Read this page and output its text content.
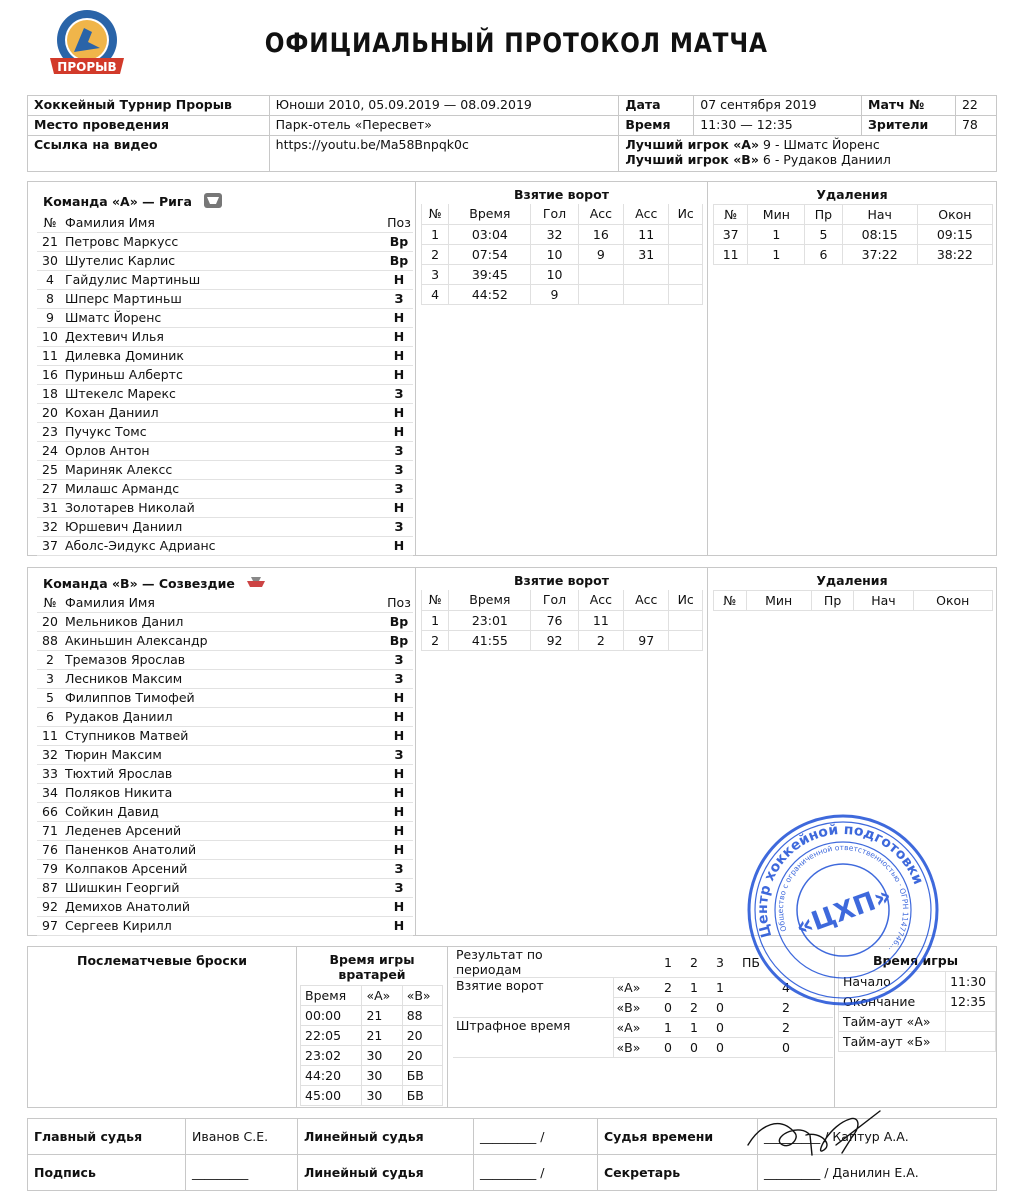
ПРОРЫВ
ОФИЦИАЛЬНЫЙ ПРОТОКОЛ МАТЧА
Хоккейный Турнир Прорыв	Юноши 2010, 05.09.2019 — 08.09.2019	Дата	07 сентября 2019	Матч №	22
Место проведения	Парк-отель «Пересвет»	Время	11:30 — 12:35	Зрители	78
Ссылка на видео	https://youtu.be/Ma58Bnpqk0c	Лучший игрок «А» 9 - Шматс Йоренс
Лучший игрок «В» 6 - Рудаков Даниил			
Команда «А» — Рига
№	Фамилия Имя	Поз
21	Петровс Маркусс	Вр
30	Шутелис Карлис	Вр
4	Гайдулис Мартиньш	Н
8	Шперс Мартиньш	З
9	Шматс Йоренс	Н
10	Дехтевич Илья	Н
11	Дилевка Доминик	Н
16	Пуриньш Албертс	Н
18	Штекелс Марекс	З
20	Кохан Даниил	Н
23	Пучукс Томс	Н
24	Орлов Антон	З
25	Мариняк Алексс	З
27	Милашс Армандс	З
31	Золотарев Николай	Н
32	Юршевич Даниил	З
37	Аболс-Эидукс Адрианс	Н
Взятие ворот
№	Время	Гол	Асс	Асс	Ис
1	03:04	32	16	11	
2	07:54	10	9	31	
3	39:45	10			
4	44:52	9			
Удаления
№	Мин	Пр	Нач	Окон
37	1	5	08:15	09:15
11	1	6	37:22	38:22
Команда «В» — Созвездие
№	Фамилия Имя	Поз
20	Мельников Данил	Вр
88	Акиньшин Александр	Вр
2	Тремазов Ярослав	З
3	Лесников Максим	З
5	Филиппов Тимофей	Н
6	Рудаков Даниил	Н
11	Ступников Матвей	Н
32	Тюрин Максим	З
33	Тюхтий Ярослав	Н
34	Поляков Никита	Н
66	Сойкин Давид	Н
71	Леденев Арсений	Н
76	Паненков Анатолий	Н
79	Колпаков Арсений	З
87	Шишкин Георгий	З
92	Демихов Анатолий	Н
97	Сергеев Кирилл	Н
Взятие ворот
№	Время	Гол	Асс	Асс	Ис
1	23:01	76	11		
2	41:55	92	2	97	
Удаления
№	Мин	Пр	Нач	Окон
Послематчевые броски	Время игры вратарей
Время	«А»	«В»
00:00	21	88
22:05	21	20
23:02	30	20
44:20	30	БВ
45:00	30	БВ
Результат по периодам		1	2	3	ПБ	
Взятие ворот	«А»	2	1	1		4
	«В»	0	2	0		2
Штрафное время	«А»	1	1	0		2
	«В»	0	0	0		0
Время игры
Начало	11:30
Окончание	12:35
Тайм-аут «А»	
Тайм-аут «Б»	
Главный судья	Иванов С.Е.	Линейный судья	_________ /	Судья времени	_________ / Каптур А.А.
Подпись	_________	Линейный судья	_________ /	Секретарь	_________ / Данилин Е.А.
Центр хоккейной подготовки
Общество с ограниченной ответственностью · ОГРН 1147746…
«ЦХП»
